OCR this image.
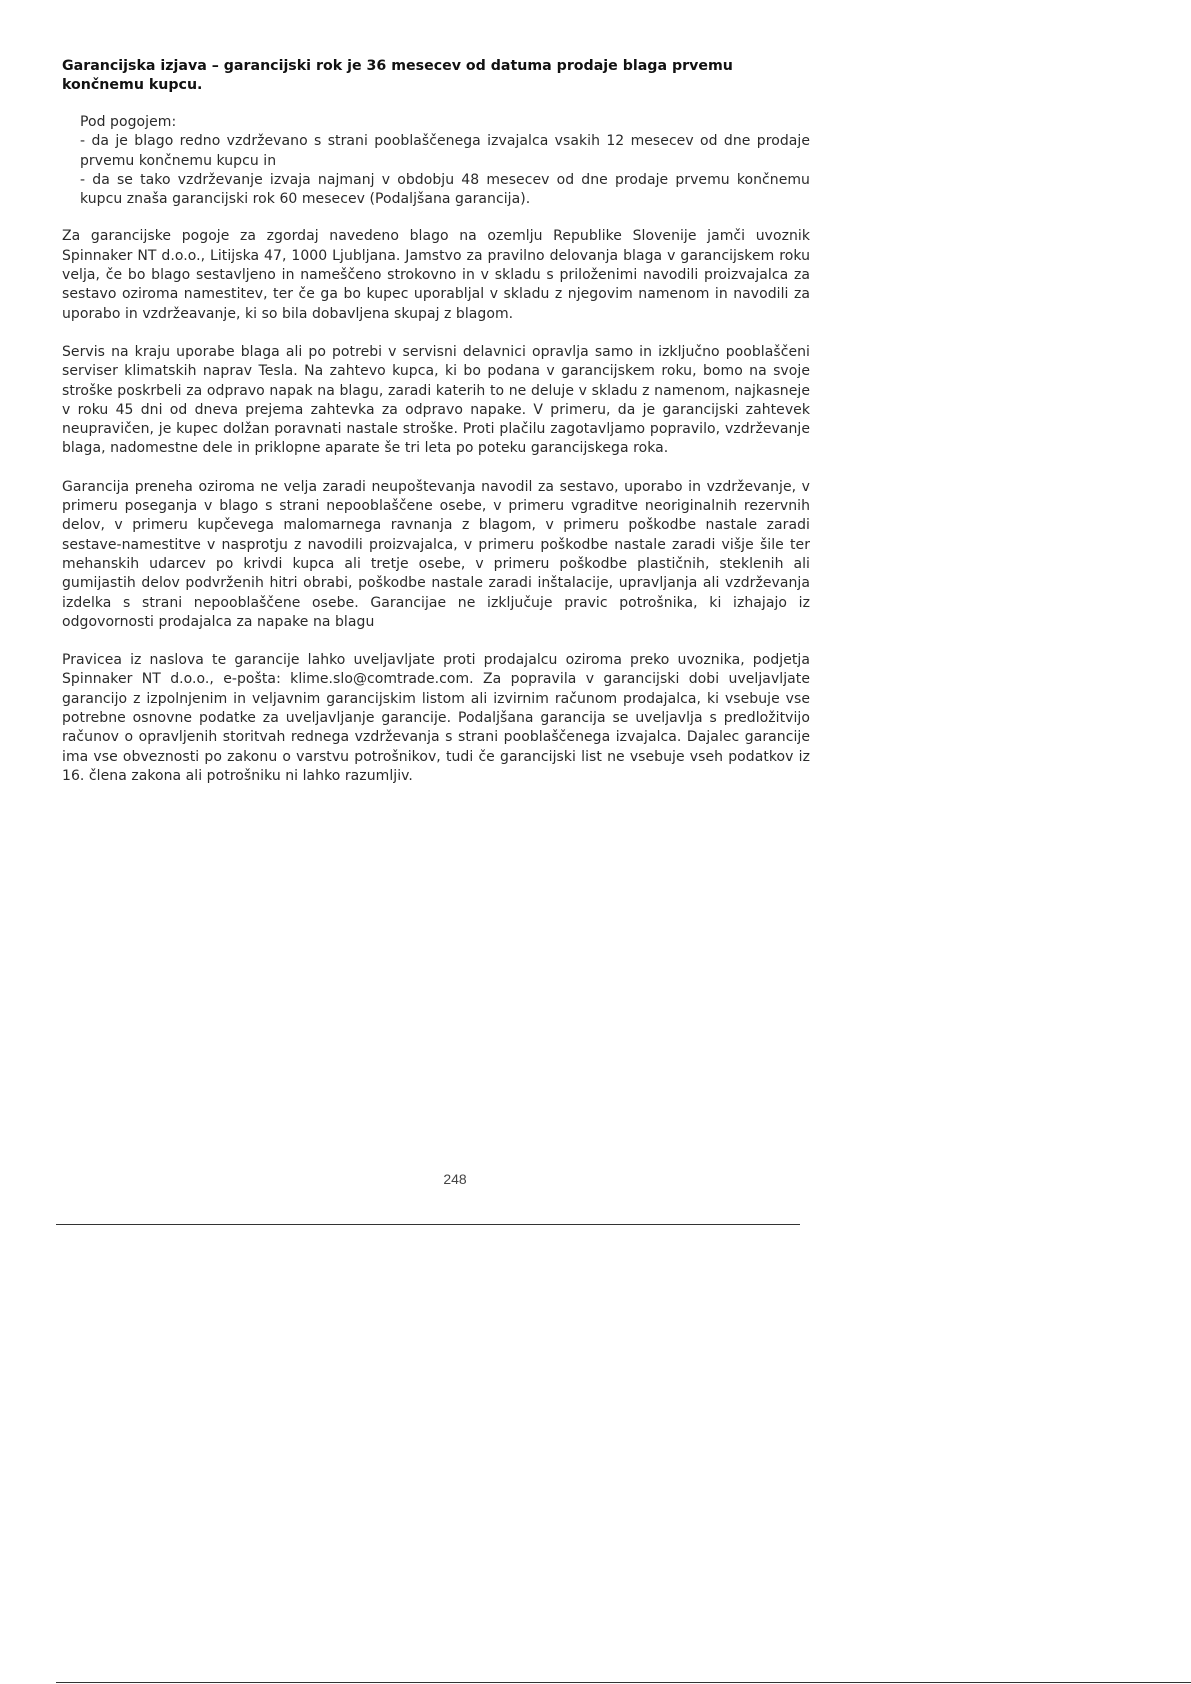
Garancijska izjava – garancijski rok je 36 mesecev od datuma prodaje blaga prvemu končnemu kupcu.
Pod pogojem:
- da je blago redno vzdrževano s strani pooblaščenega izvajalca vsakih 12 mesecev od dne prodaje prvemu končnemu kupcu in
- da se tako vzdrževanje izvaja najmanj v obdobju 48 mesecev od dne prodaje prvemu končnemu kupcu znaša garancijski rok 60 mesecev (Podaljšana garancija).

Za garancijske pogoje za zgordaj navedeno blago na ozemlju Republike Slovenije jamči uvoznik Spinnaker NT d.o.o., Litijska 47, 1000 Ljubljana. Jamstvo za pravilno delovanja blaga v garancijskem roku velja, če bo blago sestavljeno in nameščeno strokovno in v skladu s priloženimi navodili proizvajalca za sestavo oziroma namestitev, ter če ga bo kupec uporabljal v skladu z njegovim namenom in navodili za uporabo in vzdržeavanje, ki so bila dobavljena skupaj z blagom.

Servis na kraju uporabe blaga ali po potrebi v servisni delavnici opravlja samo in izključno pooblaščeni serviser klimatskih naprav Tesla. Na zahtevo kupca, ki bo podana v garancijskem roku, bomo na svoje stroške poskrbeli za odpravo napak na blagu, zaradi katerih to ne deluje v skladu z namenom, najkasneje v roku 45 dni od dneva prejema zahtevka za odpravo napake. V primeru, da je garancijski zahtevek neupravičen, je kupec dolžan poravnati nastale stroške. Proti plačilu zagotavljamo popravilo, vzdrževanje blaga, nadomestne dele in priklopne aparate še tri leta po poteku garancijskega roka.

Garancija preneha oziroma ne velja zaradi neupoštevanja navodil za sestavo, uporabo in vzdrževanje, v primeru poseganja v blago s strani nepooblaščene osebe, v primeru vgraditve neoriginalnih rezervnih delov, v primeru kupčevega malomarnega ravnanja z blagom, v primeru poškodbe nastale zaradi sestave-namestitve v nasprotju z navodili proizvajalca, v primeru poškodbe nastale zaradi višje šile ter mehanskih udarcev po krivdi kupca ali tretje osebe, v primeru poškodbe plastičnih, steklenih ali gumijastih delov podvrženih hitri obrabi, poškodbe nastale zaradi inštalacije, upravljanja ali vzdrževanja izdelka s strani nepooblaščene osebe. Garancijae ne izključuje pravic potrošnika, ki izhajajo iz odgovornosti prodajalca za napake na blagu

Pravicea iz naslova te garancije lahko uveljavljate proti prodajalcu oziroma preko uvoznika, podjetja Spinnaker NT d.o.o., e-pošta: klime.slo@comtrade.com. Za popravila v garancijski dobi uveljavljate garancijo z izpolnjenim in veljavnim garancijskim listom ali izvirnim računom prodajalca, ki vsebuje vse potrebne osnovne podatke za uveljavljanje garancije. Podaljšana garancija se uveljavlja s predložitvijo računov o opravljenih storitvah rednega vzdrževanja s strani pooblaščenega izvajalca. Dajalec garancije ima vse obveznosti po zakonu o varstvu potrošnikov, tudi če garancijski list ne vsebuje vseh podatkov iz 16. člena zakona ali potrošniku ni lahko razumljiv.

248
